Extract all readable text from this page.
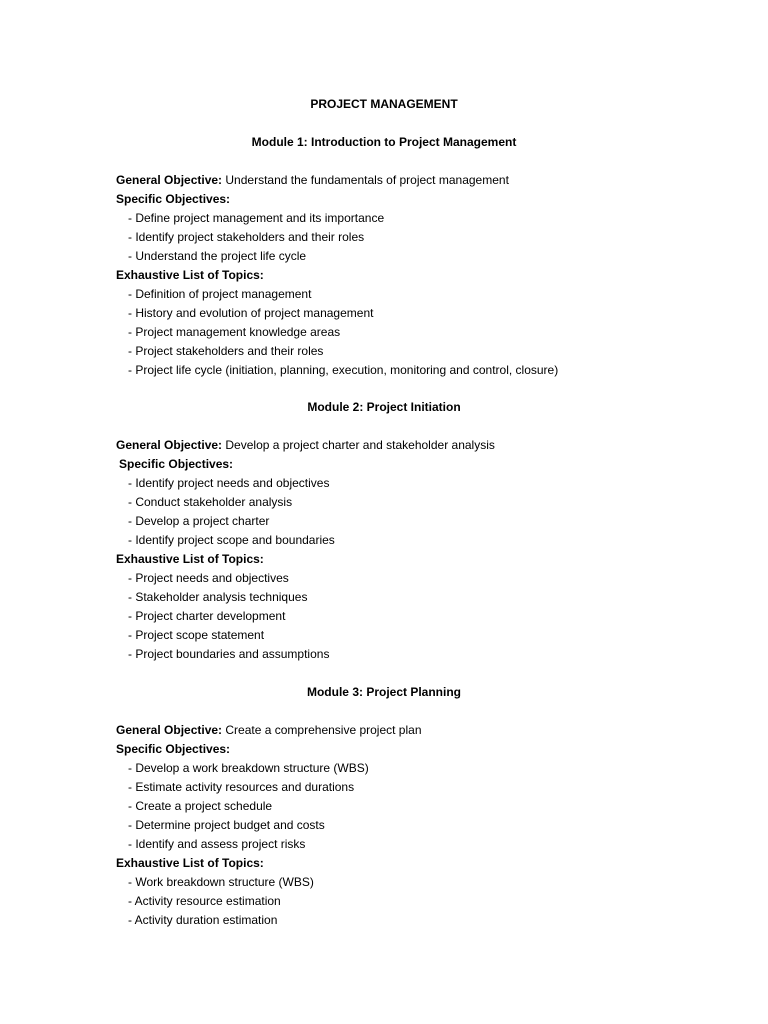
PROJECT MANAGEMENT
Module 1: Introduction to Project Management
General Objective: Understand the fundamentals of project management
Specific Objectives:
- Define project management and its importance
- Identify project stakeholders and their roles
- Understand the project life cycle
Exhaustive List of Topics:
- Definition of project management
- History and evolution of project management
- Project management knowledge areas
- Project stakeholders and their roles
- Project life cycle (initiation, planning, execution, monitoring and control, closure)
Module 2: Project Initiation
General Objective: Develop a project charter and stakeholder analysis
Specific Objectives:
- Identify project needs and objectives
- Conduct stakeholder analysis
- Develop a project charter
- Identify project scope and boundaries
Exhaustive List of Topics:
- Project needs and objectives
- Stakeholder analysis techniques
- Project charter development
- Project scope statement
- Project boundaries and assumptions
Module 3: Project Planning
General Objective: Create a comprehensive project plan
Specific Objectives:
- Develop a work breakdown structure (WBS)
- Estimate activity resources and durations
- Create a project schedule
- Determine project budget and costs
- Identify and assess project risks
Exhaustive List of Topics:
- Work breakdown structure (WBS)
- Activity resource estimation
- Activity duration estimation
